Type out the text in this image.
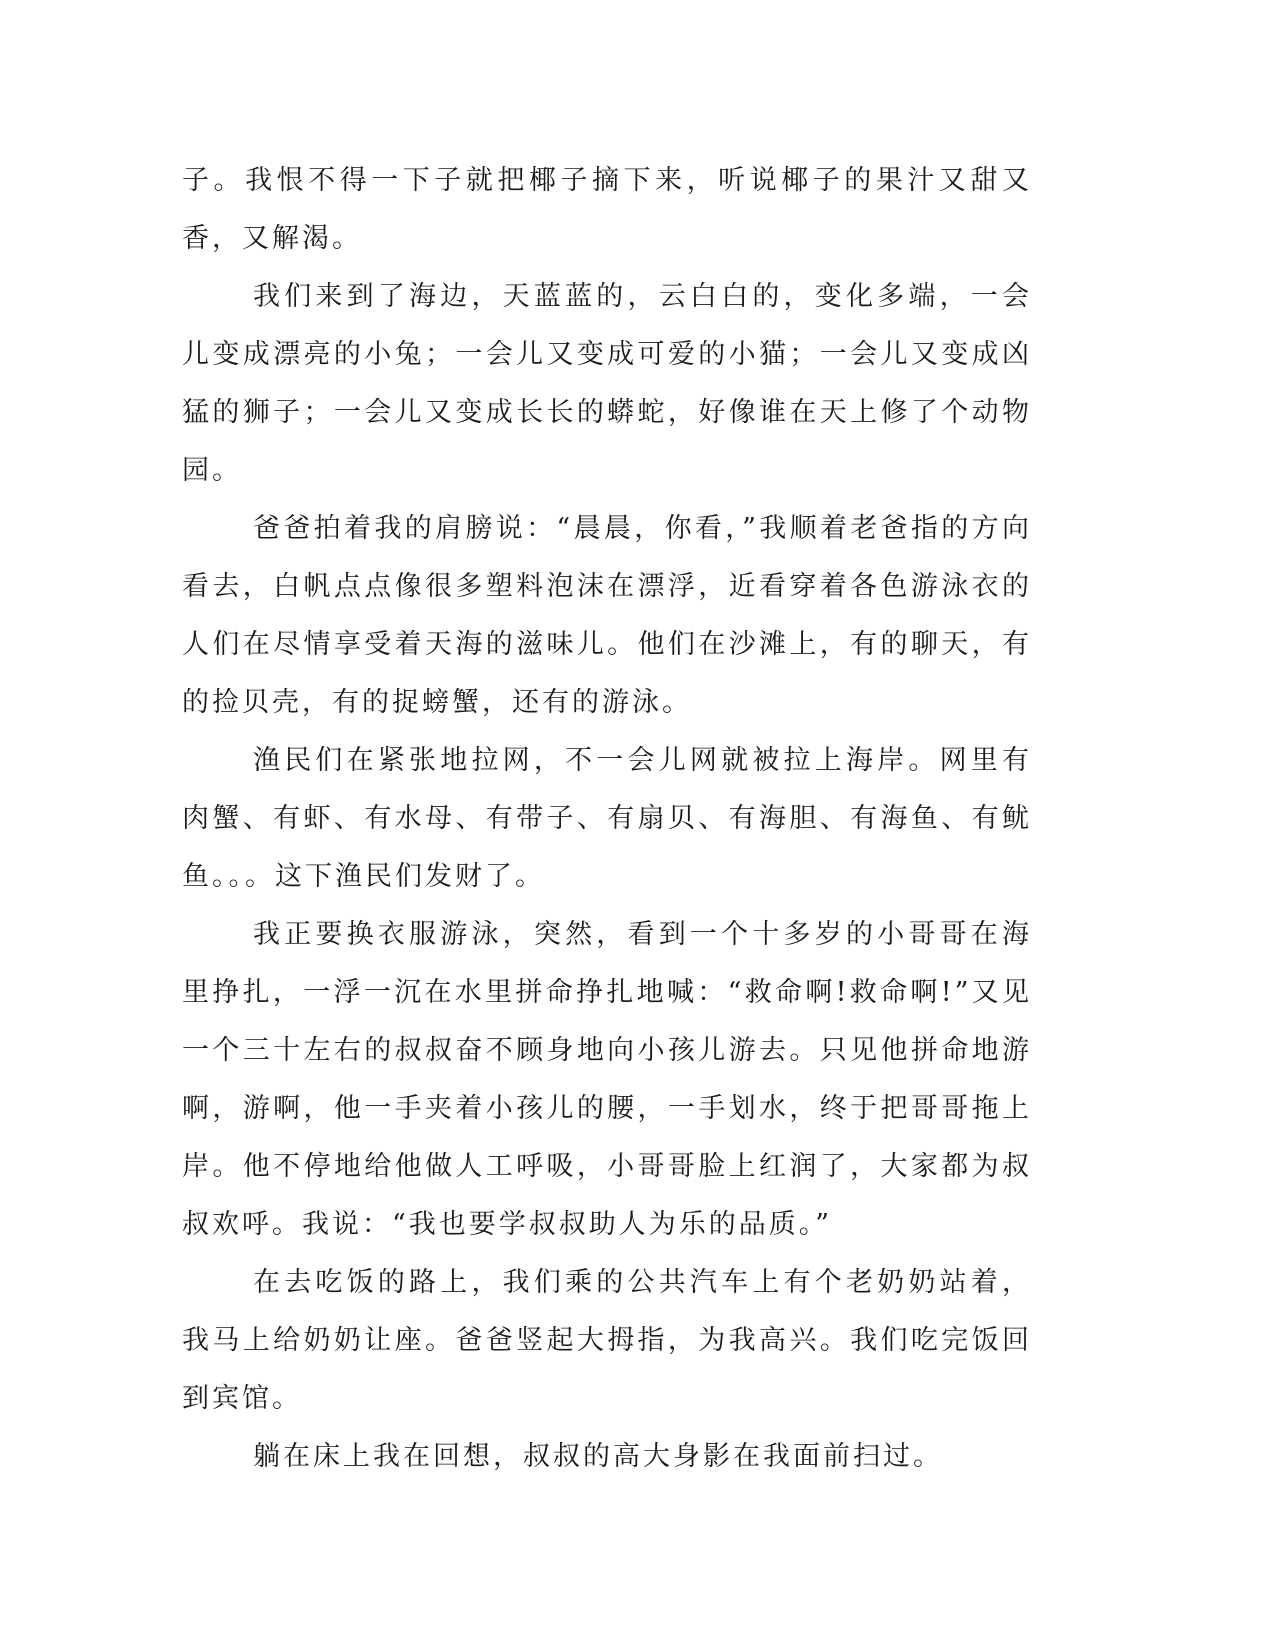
子。我恨不得一下子就把椰子摘下来，听说椰子的果汁又甜又香，又解渴。

我们来到了海边，天蓝蓝的，云白白的，变化多端，一会儿变成漂亮的小兔；一会儿又变成可爱的小猫；一会儿又变成凶猛的狮子；一会儿又变成长长的蟒蛇，好像谁在天上修了个动物园。

爸爸拍着我的肩膀说：“晨晨，你看，”我顺着老爸指的方向看去，白帆点点像很多塑料泡沫在漂浮，近看穿着各色游泳衣的人们在尽情享受着天海的滋味儿。他们在沙滩上，有的聊天，有的捡贝壳，有的捉螃蟹，还有的游泳。

渔民们在紧张地拉网，不一会儿网就被拉上海岸。网里有肉蟹、有虾、有水母、有带子、有扇贝、有海胆、有海鱼、有鱿鱼。。。这下渔民们发财了。

我正要换衣服游泳，突然，看到一个十多岁的小哥哥在海里挣扎，一浮一沉在水里拼命挣扎地喊：“救命啊!救命啊!”又见一个三十左右的叔叔奋不顾身地向小孩儿游去。只见他拼命地游啊，游啊，他一手夹着小孩儿的腰，一手划水，终于把哥哥拖上岸。他不停地给他做人工呼吸，小哥哥脸上红润了，大家都为叔叔欢呼。我说：“我也要学叔叔助人为乐的品质。”

在去吃饭的路上，我们乘的公共汽车上有个老奶奶站着，我马上给奶奶让座。爸爸竖起大拇指，为我高兴。我们吃完饭回到宾馆。

躺在床上我在回想，叔叔的高大身影在我面前扫过。
